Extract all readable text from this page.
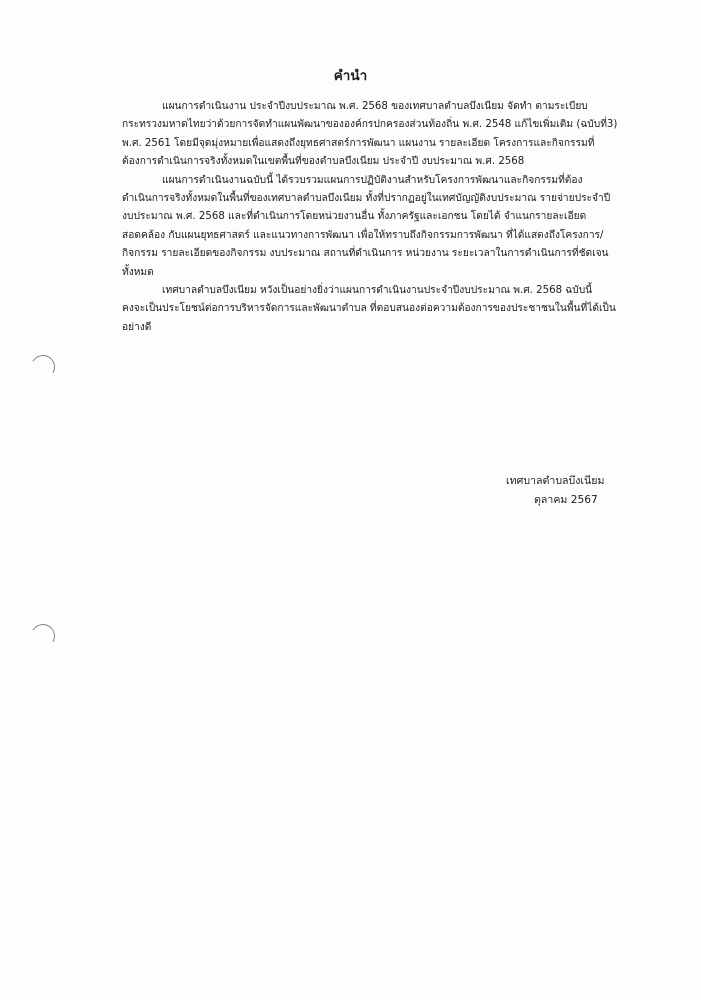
คำนำ
แผนการดำเนินงาน ประจำปีงบประมาณ พ.ศ. 2568 ของเทศบาลตำบลบึงเนียม จัดทำ ตามระเบียบ
กระทรวงมหาดไทยว่าด้วยการจัดทำแผนพัฒนาขององค์กรปกครองส่วนท้องถิ่น พ.ศ. 2548 แก้ไขเพิ่มเติม (ฉบับที่3)
พ.ศ. 2561 โดยมีจุดมุ่งหมายเพื่อแสดงถึงยุทธศาสตร์การพัฒนา แผนงาน รายละเอียด โครงการและกิจกรรมที่
ต้องการดำเนินการจริงทั้งหมดในเขตพื้นที่ของตำบลบึงเนียม ประจำปี งบประมาณ พ.ศ. 2568
แผนการดำเนินงานฉบับนี้ ได้รวบรวมแผนการปฏิบัติงานสำหรับโครงการพัฒนาและกิจกรรมที่ต้อง
ดำเนินการจริงทั้งหมดในพื้นที่ของเทศบาลตำบลบึงเนียม ทั้งที่ปรากฏอยู่ในเทศบัญญัติงบประมาณ รายจ่ายประจำปี
งบประมาณ พ.ศ. 2568 และที่ดำเนินการโดยหน่วยงานอื่น ทั้งภาครัฐและเอกชน โดยได้ จำแนกรายละเอียด
สอดคล้อง กับแผนยุทธศาสตร์ และแนวทางการพัฒนา เพื่อให้ทราบถึงกิจกรรมการพัฒนา ที่ได้แสดงถึงโครงการ/
กิจกรรม รายละเอียดของกิจกรรม งบประมาณ สถานที่ดำเนินการ หน่วยงาน ระยะเวลาในการดำเนินการที่ชัดเจน
ทั้งหมด
เทศบาลตำบลบึงเนียม หวังเป็นอย่างยิ่งว่าแผนการดำเนินงานประจำปีงบประมาณ พ.ศ. 2568 ฉบับนี้
คงจะเป็นประโยชน์ต่อการบริหารจัดการและพัฒนาตำบล ที่ตอบสนองต่อความต้องการของประชาชนในพื้นที่ได้เป็น
อย่างดี
เทศบาลตำบลบึงเนียม
ตุลาคม 2567
